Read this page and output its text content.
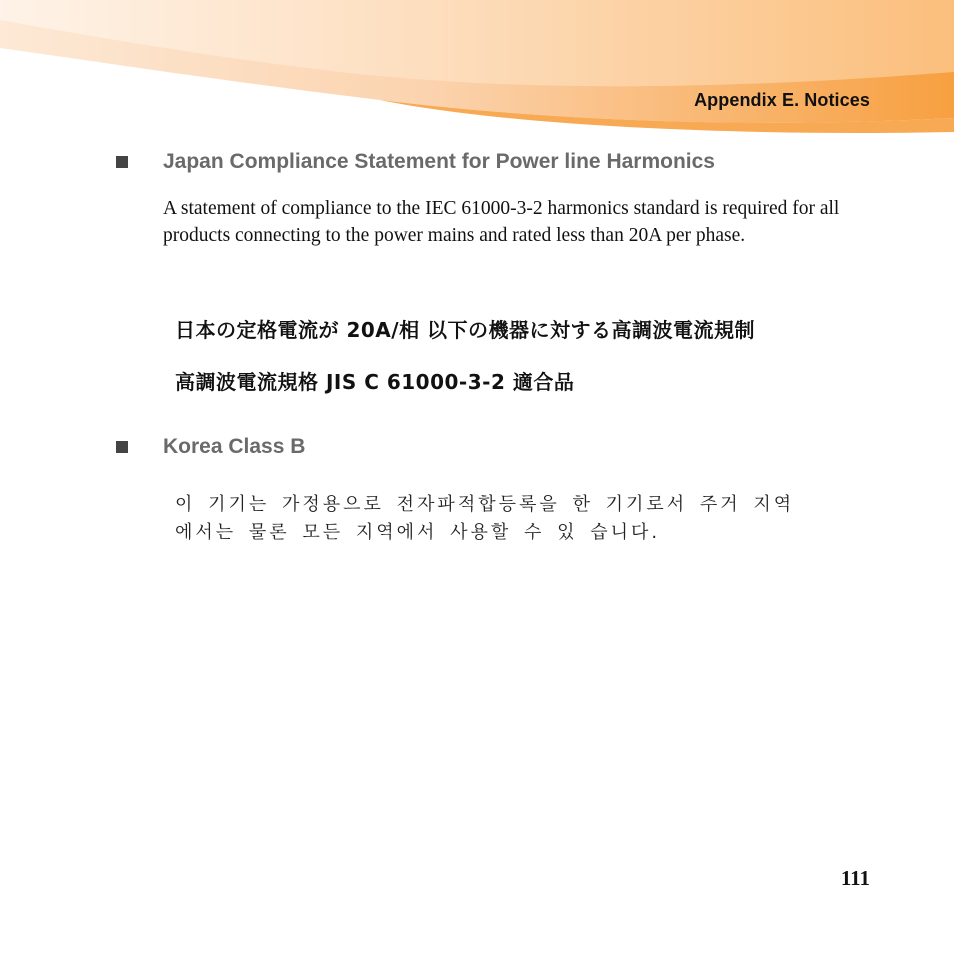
Appendix E. Notices
Japan Compliance Statement for Power line Harmonics
A statement of compliance to the IEC 61000-3-2 harmonics standard is required for all products connecting to the power mains and rated less than 20A per phase.
日本の定格電流が 20A/相 以下の機器に対する高調波電流規制
高調波電流規格 JIS C 61000-3-2 適合品
Korea Class B
이 기기는 가정용으로 전자파적합등록을 한 기기로서 주거 지역
에서는 물론 모든 지역에서 사용할 수 있 습니다.
111
